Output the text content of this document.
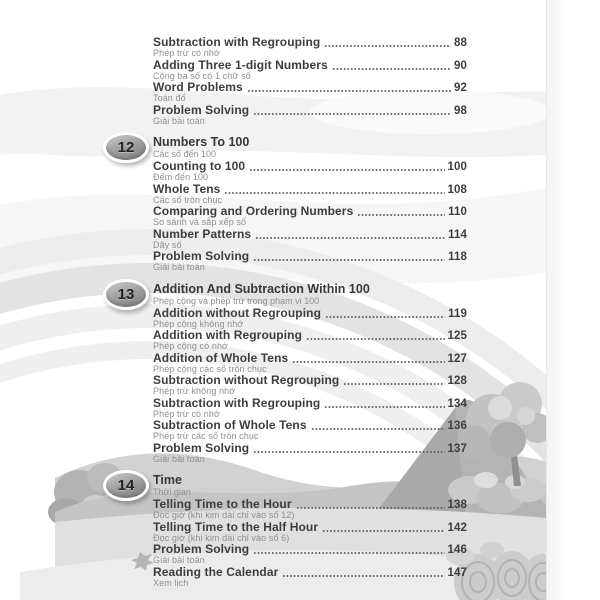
Subtraction with Regrouping	88
Phép trừ có nhớ
Adding Three 1-digit Numbers	90
Cộng ba số có 1 chữ số
Word Problems	92
Toán đố
Problem Solving	98
Giải bài toán
12 Numbers To 100
Các số đến 100
Counting to 100	100
Đếm đến 100
Whole Tens	108
Các số tròn chục
Comparing and Ordering Numbers	110
So sánh và sắp xếp số
Number Patterns	114
Dãy số
Problem Solving	118
Giải bài toán
13 Addition And Subtraction Within 100
Phép cộng và phép trừ trong phạm vi 100
Addition without Regrouping	119
Phép cộng không nhớ
Addition with Regrouping	125
Phép cộng có nhớ
Addition of Whole Tens	127
Phép cộng các số tròn chục
Subtraction without Regrouping	128
Phép trừ không nhớ
Subtraction with Regrouping	134
Phép trừ có nhớ
Subtraction of Whole Tens	136
Phép trừ các số tròn chục
Problem Solving	137
Giải bài toán
14 Time
Thời gian
Telling Time to the Hour	138
Đọc giờ (khi kim dài chỉ vào số 12)
Telling Time to the Half Hour	142
Đọc giờ (khi kim dài chỉ vào số 6)
Problem Solving	146
Giải bài toán
Reading the Calendar	147
Xem lịch
